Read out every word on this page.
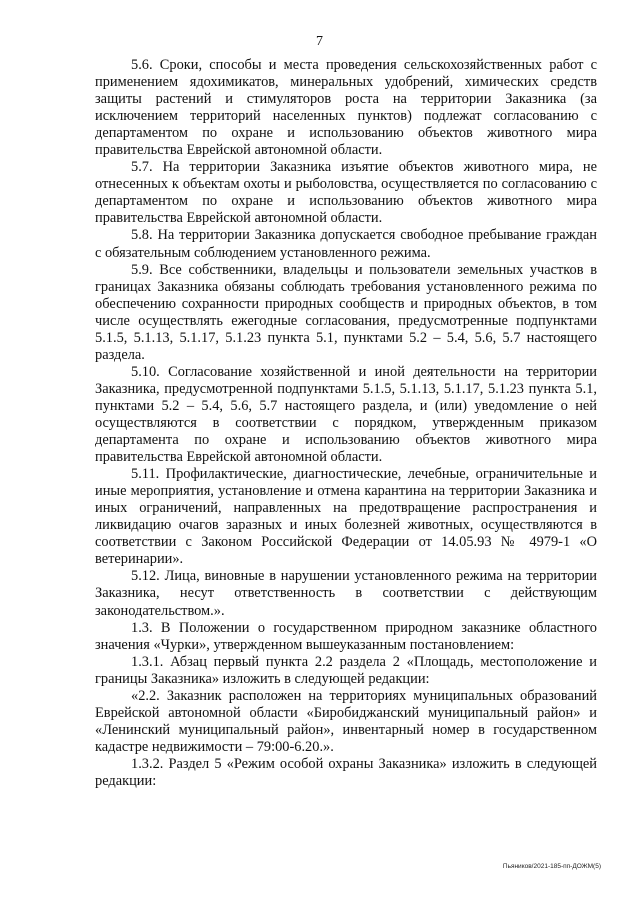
7

5.6. Сроки, способы и места проведения сельскохозяйственных работ с применением ядохимикатов, минеральных удобрений, химических средств защиты растений и стимуляторов роста на территории Заказника (за исключением территорий населенных пунктов) подлежат согласованию с департаментом по охране и использованию объектов животного мира правительства Еврейской автономной области.

5.7. На территории Заказника изъятие объектов животного мира, не отнесенных к объектам охоты и рыболовства, осуществляется по согласованию с департаментом по охране и использованию объектов животного мира правительства Еврейской автономной области.

5.8. На территории Заказника допускается свободное пребывание граждан с обязательным соблюдением установленного режима.

5.9. Все собственники, владельцы и пользователи земельных участков в границах Заказника обязаны соблюдать требования установленного режима по обеспечению сохранности природных сообществ и природных объектов, в том числе осуществлять ежегодные согласования, предусмотренные подпунктами 5.1.5, 5.1.13, 5.1.17, 5.1.23 пункта 5.1, пунктами 5.2 – 5.4, 5.6, 5.7 настоящего раздела.

5.10. Согласование хозяйственной и иной деятельности на территории Заказника, предусмотренной подпунктами 5.1.5, 5.1.13, 5.1.17, 5.1.23 пункта 5.1, пунктами 5.2 – 5.4, 5.6, 5.7 настоящего раздела, и (или) уведомление о ней осуществляются в соответствии с порядком, утвержденным приказом департамента по охране и использованию объектов животного мира правительства Еврейской автономной области.

5.11. Профилактические, диагностические, лечебные, ограничительные и иные мероприятия, установление и отмена карантина на территории Заказника и иных ограничений, направленных на предотвращение распространения и ликвидацию очагов заразных и иных болезней животных, осуществляются в соответствии с Законом Российской Федерации от 14.05.93 № 4979-1 «О ветеринарии».

5.12. Лица, виновные в нарушении установленного режима на территории Заказника, несут ответственность в соответствии с действующим законодательством.».

1.3. В Положении о государственном природном заказнике областного значения «Чурки», утвержденном вышеуказанным постановлением:

1.3.1. Абзац первый пункта 2.2 раздела 2 «Площадь, местоположение и границы Заказника» изложить в следующей редакции:

«2.2. Заказник расположен на территориях муниципальных образований Еврейской автономной области «Биробиджанский муниципальный район» и «Ленинский муниципальный район», инвентарный номер в государственном кадастре недвижимости – 79:00-6.20.».

1.3.2. Раздел 5 «Режим особой охраны Заказника» изложить в следующей редакции:

Пьяников/2021-185-пп-ДОЖМ(5)
